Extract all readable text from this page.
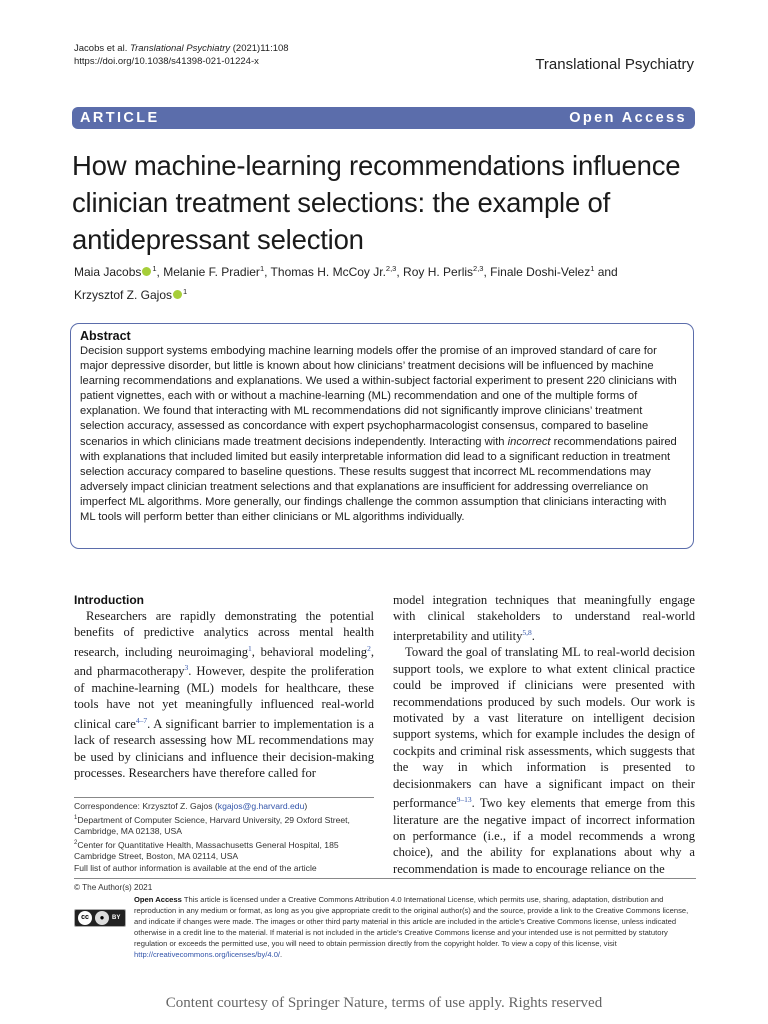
Jacobs et al. Translational Psychiatry (2021)11:108
https://doi.org/10.1038/s41398-021-01224-x	Translational Psychiatry
ARTICLE	Open Access
How machine-learning recommendations influence clinician treatment selections: the example of antidepressant selection
Maia Jacobs $^1$, Melanie F. Pradier$^1$, Thomas H. McCoy Jr.$^{2,3}$, Roy H. Perlis$^{2,3}$, Finale Doshi-Velez$^1$ and
Krzysztof Z. Gajos $^1$
Abstract

Decision support systems embodying machine learning models offer the promise of an improved standard of care for major depressive disorder, but little is known about how clinicians’ treatment decisions will be influenced by machine learning recommendations and explanations. We used a within-subject factorial experiment to present 220 clinicians with patient vignettes, each with or without a machine-learning (ML) recommendation and one of the multiple forms of explanation. We found that interacting with ML recommendations did not significantly improve clinicians’ treatment selection accuracy, assessed as concordance with expert psychopharmacologist consensus, compared to baseline scenarios in which clinicians made treatment decisions independently. Interacting with incorrect recommendations paired with explanations that included limited but easily interpretable information did lead to a significant reduction in treatment selection accuracy compared to baseline questions. These results suggest that incorrect ML recommendations may adversely impact clinician treatment selections and that explanations are insufficient for addressing overreliance on imperfect ML algorithms. More generally, our findings challenge the common assumption that clinicians interacting with ML tools will perform better than either clinicians or ML algorithms individually.

Introduction

Researchers are rapidly demonstrating the potential benefits of predictive analytics across mental health research, including neuroimaging$^1$, behavioral modeling$^2$, and pharmacotherapy$^3$. However, despite the proliferation of machine-learning (ML) models for healthcare, these tools have not yet meaningfully influenced real-world clinical care$^{4-7}$. A significant barrier to implementation is a lack of research assessing how ML recommendations may be used by clinicians and influence their decision-making processes. Researchers have therefore called for

model integration techniques that meaningfully engage with clinical stakeholders to understand real-world interpretability and utility$^{5,8}$.

Toward the goal of translating ML to real-world decision support tools, we explore to what extent clinical practice could be improved if clinicians were presented with recommendations produced by such models. Our work is motivated by a vast literature on intelligent decision support systems, which for example includes the design of cockpits and criminal risk assessments, which suggests that the way in which information is presented to decisionmakers can have a significant impact on their performance$^{9-13}$. Two key elements that emerge from this literature are the negative impact of incorrect information on performance (i.e., if a model recommends a wrong choice), and the ability for explanations about why a recommendation is made to encourage reliance on the

Correspondence: Krzysztof Z. Gajos (kgajos@g.harvard.edu)
$^1$Department of Computer Science, Harvard University, 29 Oxford Street, Cambridge, MA 02138, USA
$^2$Center for Quantitative Health, Massachusetts General Hospital, 185 Cambridge Street, Boston, MA 02114, USA
Full list of author information is available at the end of the article
© The Author(s) 2021
cc	●	BY

Open Access This article is licensed under a Creative Commons Attribution 4.0 International License, which permits use, sharing, adaptation, distribution and reproduction in any medium or format, as long as you give appropriate credit to the original author(s) and the source, provide a link to the Creative Commons license, and indicate if changes were made. The images or other third party material in this article are included in the article’s Creative Commons license, unless indicated otherwise in a credit line to the material. If material is not included in the article’s Creative Commons license and your intended use is not permitted by statutory regulation or exceeds the permitted use, you will need to obtain permission directly from the copyright holder. To view a copy of this license, visit http://creativecommons.org/licenses/by/4.0/.

Content courtesy of Springer Nature, terms of use apply. Rights reserved
